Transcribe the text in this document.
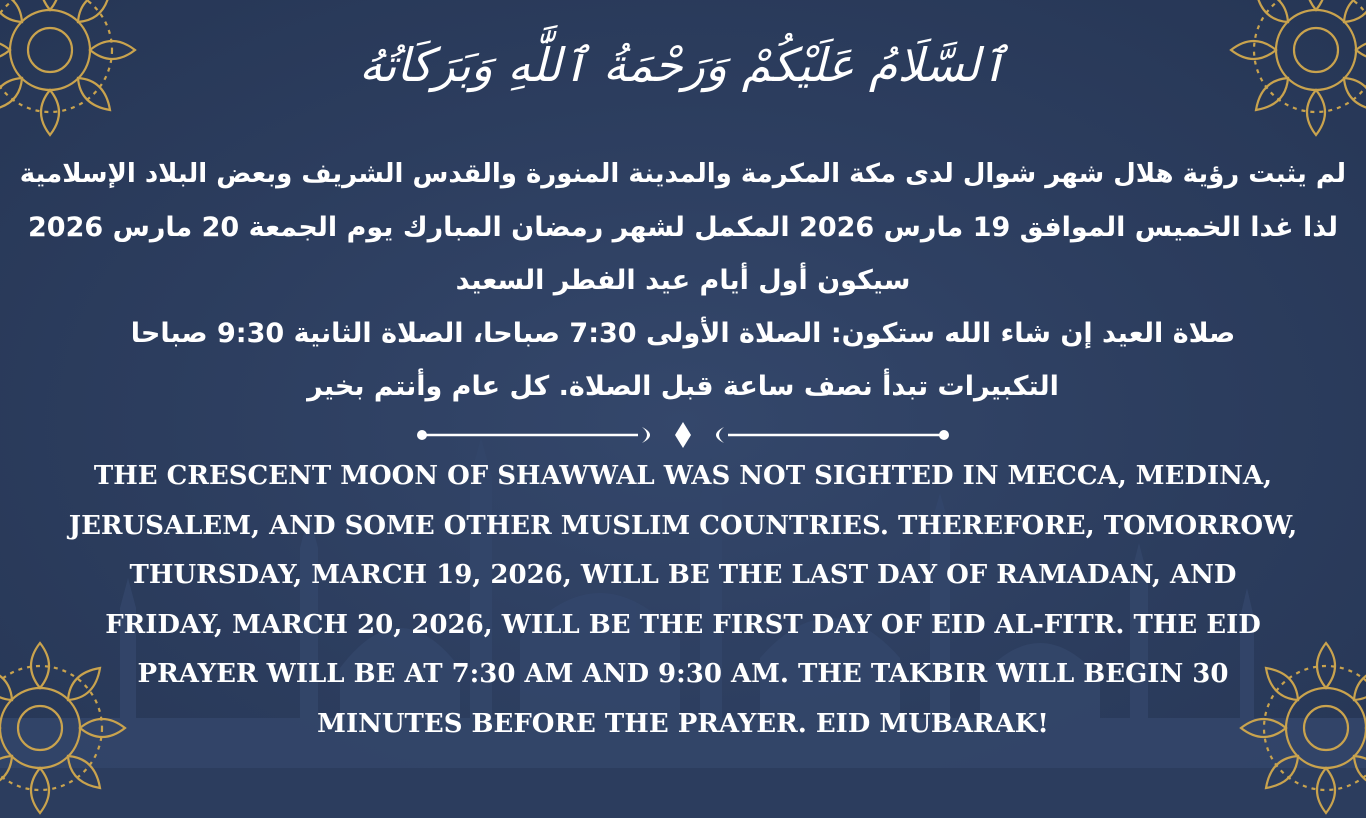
ٱلسَّلَامُ عَلَيْكُمْ وَرَحْمَةُ ٱللَّٰهِ وَبَرَكَاتُهُ
لم يثبت رؤية هلال شهر شوال لدى مكة المكرمة والمدينة المنورة والقدس الشريف وبعض البلاد الإسلامية
لذا غدا الخميس الموافق 19 مارس 2026 المكمل لشهر رمضان المبارك يوم الجمعة 20 مارس 2026
سيكون أول أيام عيد الفطر السعيد
صلاة العيد إن شاء الله ستكون: الصلاة الأولى 7:30 صباحا، الصلاة الثانية 9:30 صباحا
التكبيرات تبدأ نصف ساعة قبل الصلاة. كل عام وأنتم بخير
THE CRESCENT MOON OF SHAWWAL WAS NOT SIGHTED IN MECCA, MEDINA,
JERUSALEM, AND SOME OTHER MUSLIM COUNTRIES. THEREFORE, TOMORROW,
THURSDAY, MARCH 19, 2026, WILL BE THE LAST DAY OF RAMADAN, AND
FRIDAY, MARCH 20, 2026, WILL BE THE FIRST DAY OF EID AL-FITR. THE EID
PRAYER WILL BE AT 7:30 AM AND 9:30 AM. THE TAKBIR WILL BEGIN 30
MINUTES BEFORE THE PRAYER. EID MUBARAK!
